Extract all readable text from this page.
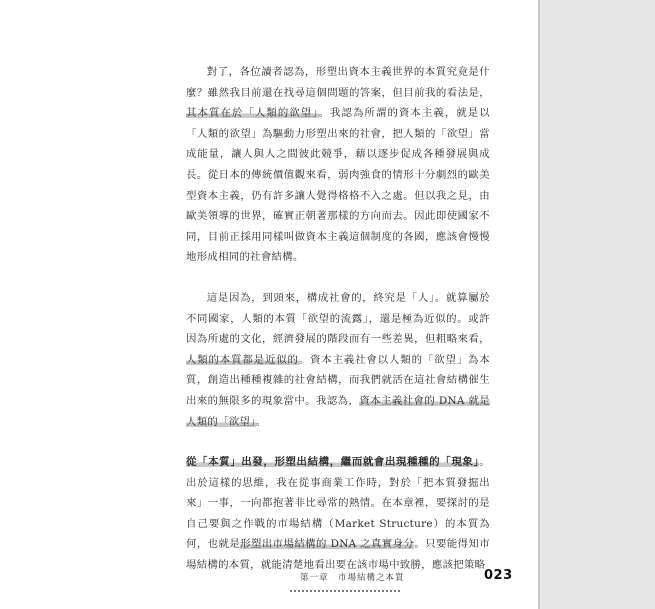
對了，各位讀者認為，形塑出資本主義世界的本質究竟是什麼？雖然我目前還在找尋這個問題的答案，但目前我的看法是，其本質在於「人類的欲望」。我認為所謂的資本主義，就是以「人類的欲望」為驅動力形塑出來的社會，把人類的「欲望」當成能量，讓人與人之間彼此競爭，藉以逐步促成各種發展與成長。從日本的傳統價值觀來看，弱肉強食的情形十分劇烈的歐美型資本主義，仍有許多讓人覺得格格不入之處。但以我之見，由歐美領導的世界，確實正朝著那樣的方向而去。因此即使國家不同，目前正採用同樣叫做資本主義這個制度的各國，應該會慢慢地形成相同的社會結構。

這是因為，到頭來，構成社會的，終究是「人」。就算屬於不同國家，人類的本質「欲望的流露」，還是極為近似的。或許因為所處的文化，經濟發展的階段而有一些差異，但粗略來看，人類的本質都是近似的。資本主義社會以人類的「欲望」為本質，創造出種種複雜的社會結構，而我們就活在這社會結構催生出來的無限多的現象當中。我認為，資本主義社會的 DNA 就是人類的「欲望」。

從「本質」出發，形塑出結構，繼而就會出現種種的「現象」。出於這樣的思維，我在從事商業工作時，對於「把本質發掘出來」一事，一向都抱著非比尋常的熱情。在本章裡，要探討的是自己要與之作戰的市場結構（Market Structure）的本質為何，也就是形塑出市場結構的 DNA 之真實身分。只要能得知市場結構的本質，就能清楚地看出要在該市場中致勝，應該把策略

第一章　市場結構之本質	023
